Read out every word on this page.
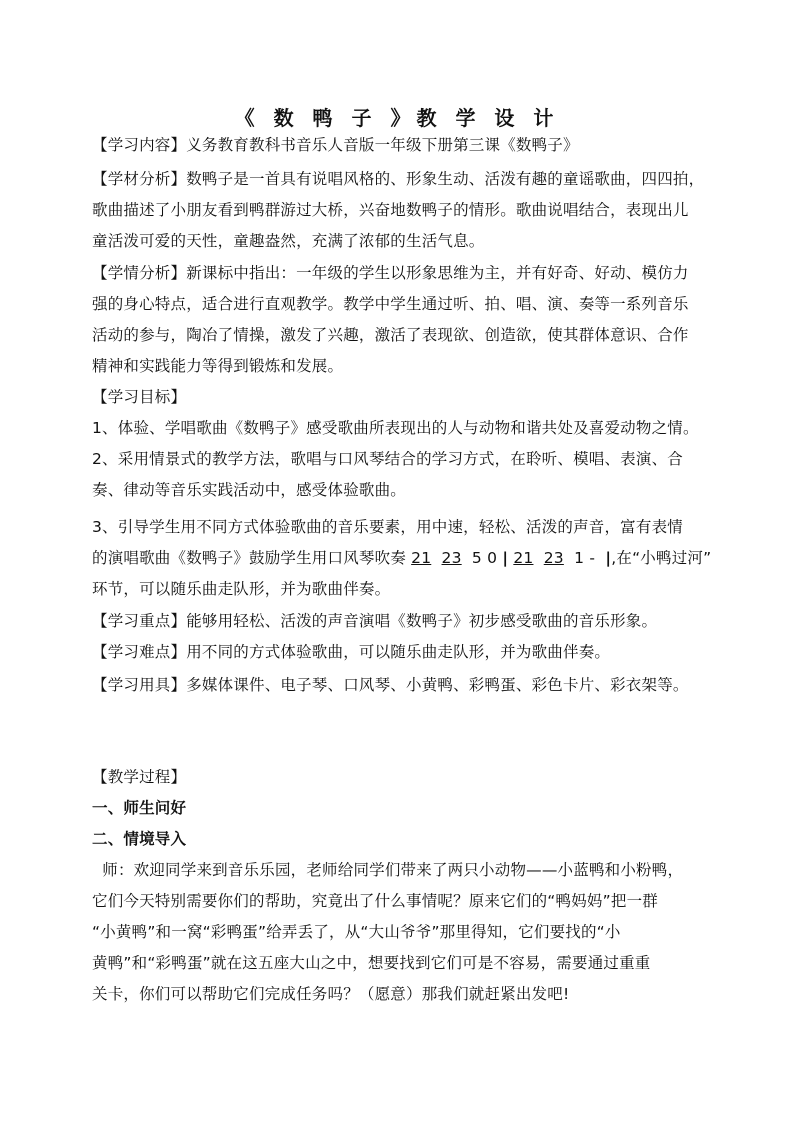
《 数 鸭 子 》教 学 设 计
【学习内容】义务教育教科书音乐人音版一年级下册第三课《数鸭子》
【学材分析】数鸭子是一首具有说唱风格的、形象生动、活泼有趣的童谣歌曲，四四拍，
歌曲描述了小朋友看到鸭群游过大桥，兴奋地数鸭子的情形。歌曲说唱结合，表现出儿
童活泼可爱的天性，童趣盎然，充满了浓郁的生活气息。
【学情分析】新课标中指出：一年级的学生以形象思维为主，并有好奇、好动、模仿力
强的身心特点，适合进行直观教学。教学中学生通过听、拍、唱、演、奏等一系列音乐
活动的参与，陶冶了情操，激发了兴趣，激活了表现欲、创造欲，使其群体意识、合作
精神和实践能力等得到锻炼和发展。
【学习目标】
1、体验、学唱歌曲《数鸭子》感受歌曲所表现出的人与动物和谐共处及喜爱动物之情。
2、采用情景式的教学方法，歌唱与口风琴结合的学习方式，在聆听、模唱、表演、合
奏、律动等音乐实践活动中，感受体验歌曲。
3、引导学生用不同方式体验歌曲的音乐要素，用中速，轻松、活泼的声音，富有表情
的演唱歌曲《数鸭子》鼓励学生用口风琴吹奏 21 23 5 0 | 21 23 1 - |,在“小鸭过河”
环节，可以随乐曲走队形，并为歌曲伴奏。
【学习重点】能够用轻松、活泼的声音演唱《数鸭子》初步感受歌曲的音乐形象。
【学习难点】用不同的方式体验歌曲，可以随乐曲走队形，并为歌曲伴奏。
【学习用具】多媒体课件、电子琴、口风琴、小黄鸭、彩鸭蛋、彩色卡片、彩衣架等。
【教学过程】
一、师生问好
二、情境导入
师：欢迎同学来到音乐乐园，老师给同学们带来了两只小动物——小蓝鸭和小粉鸭，
它们今天特别需要你们的帮助，究竟出了什么事情呢？原来它们的“鸭妈妈”把一群
“小黄鸭”和一窝“彩鸭蛋”给弄丢了，从“大山爷爷”那里得知，它们要找的“小
黄鸭”和“彩鸭蛋”就在这五座大山之中，想要找到它们可是不容易，需要通过重重
关卡，你们可以帮助它们完成任务吗？（愿意）那我们就赶紧出发吧!
